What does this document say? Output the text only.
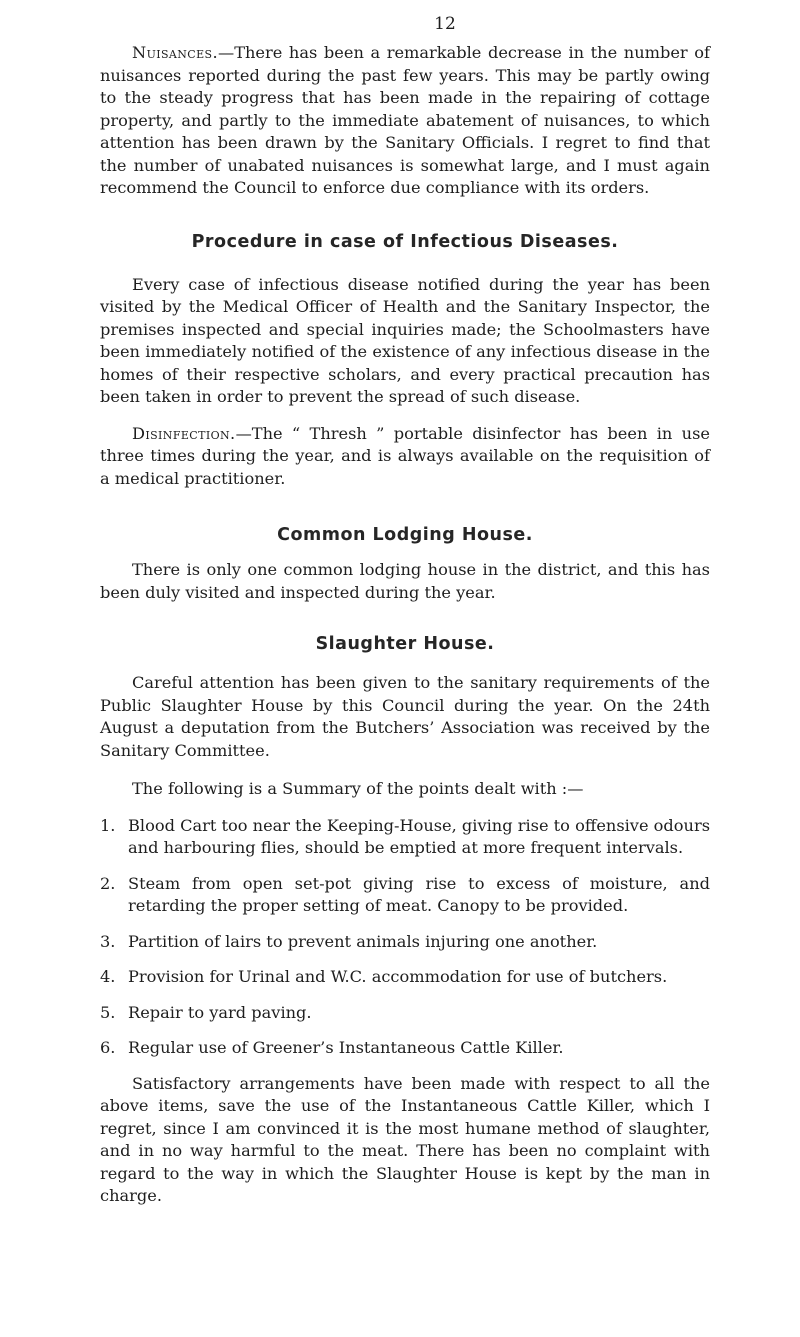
12

Nuisances.—There has been a remarkable decrease in the number of nuisances reported during the past few years. This may be partly owing to the steady progress that has been made in the repairing of cottage property, and partly to the immediate abatement of nuisances, to which attention has been drawn by the Sanitary Officials. I regret to find that the number of unabated nuisances is somewhat large, and I must again recommend the Council to enforce due compliance with its orders.

Procedure in case of Infectious Diseases.

Every case of infectious disease notified during the year has been visited by the Medical Officer of Health and the Sanitary Inspector, the premises inspected and special inquiries made; the Schoolmasters have been immediately notified of the existence of any infectious disease in the homes of their respective scholars, and every practical precaution has been taken in order to prevent the spread of such disease.

Disinfection.—The “ Thresh ” portable disinfector has been in use three times during the year, and is always available on the requisition of a medical practitioner.

Common Lodging House.

There is only one common lodging house in the district, and this has been duly visited and inspected during the year.

Slaughter House.

Careful attention has been given to the sanitary requirements of the Public Slaughter House by this Council during the year. On the 24th August a deputation from the Butchers’ Association was received by the Sanitary Committee.

The following is a Summary of the points dealt with :—

1. Blood Cart too near the Keeping-House, giving rise to offensive odours and harbouring flies, should be emptied at more frequent intervals.
2. Steam from open set-pot giving rise to excess of moisture, and retarding the proper setting of meat. Canopy to be provided.
3. Partition of lairs to prevent animals injuring one another.
4. Provision for Urinal and W.C. accommodation for use of butchers.
5. Repair to yard paving.
6. Regular use of Greener’s Instantaneous Cattle Killer.

Satisfactory arrangements have been made with respect to all the above items, save the use of the Instantaneous Cattle Killer, which I regret, since I am convinced it is the most humane method of slaughter, and in no way harmful to the meat. There has been no complaint with regard to the way in which the Slaughter House is kept by the man in charge.
